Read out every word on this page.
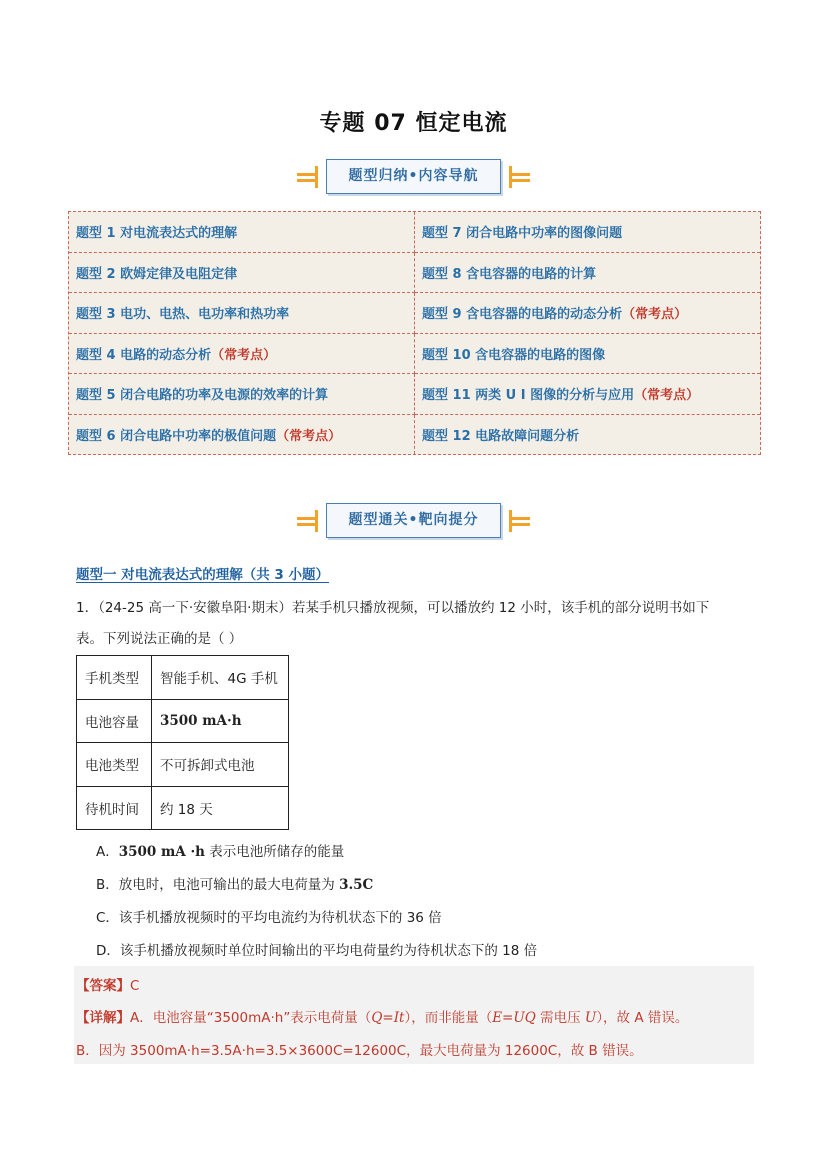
专题 07 恒定电流
题型归纳•内容导航
题型 1 对电流表达式的理解	题型 7 闭合电路中功率的图像问题
题型 2 欧姆定律及电阻定律	题型 8 含电容器的电路的计算
题型 3 电功、电热、电功率和热功率	题型 9 含电容器的电路的动态分析（常考点）
题型 4 电路的动态分析（常考点）	题型 10 含电容器的电路的图像
题型 5 闭合电路的功率及电源的效率的计算	题型 11 两类 U I 图像的分析与应用（常考点）
题型 6 闭合电路中功率的极值问题（常考点）	题型 12 电路故障问题分析
题型通关•靶向提分
题型一 对电流表达式的理解（共 3 小题）
1．（24-25 高一下·安徽阜阳·期末）若某手机只播放视频，可以播放约 12 小时，该手机的部分说明书如下
表。下列说法正确的是（ ）
手机类型	智能手机、4G 手机
电池容量	3500 mA·h
电池类型	不可拆卸式电池
待机时间	约 18 天
A．3500 mA ·h 表示电池所储存的能量
B．放电时，电池可输出的最大电荷量为 3.5C
C．该手机播放视频时的平均电流约为待机状态下的 36 倍
D．该手机播放视频时单位时间输出的平均电荷量约为待机状态下的 18 倍
【答案】C
【详解】A．电池容量“3500mA·h”表示电荷量（Q=It），而非能量（E=UQ 需电压 U），故 A 错误。
B．因为 3500mA·h=3.5A·h=3.5×3600C=12600C，最大电荷量为 12600C，故 B 错误。
